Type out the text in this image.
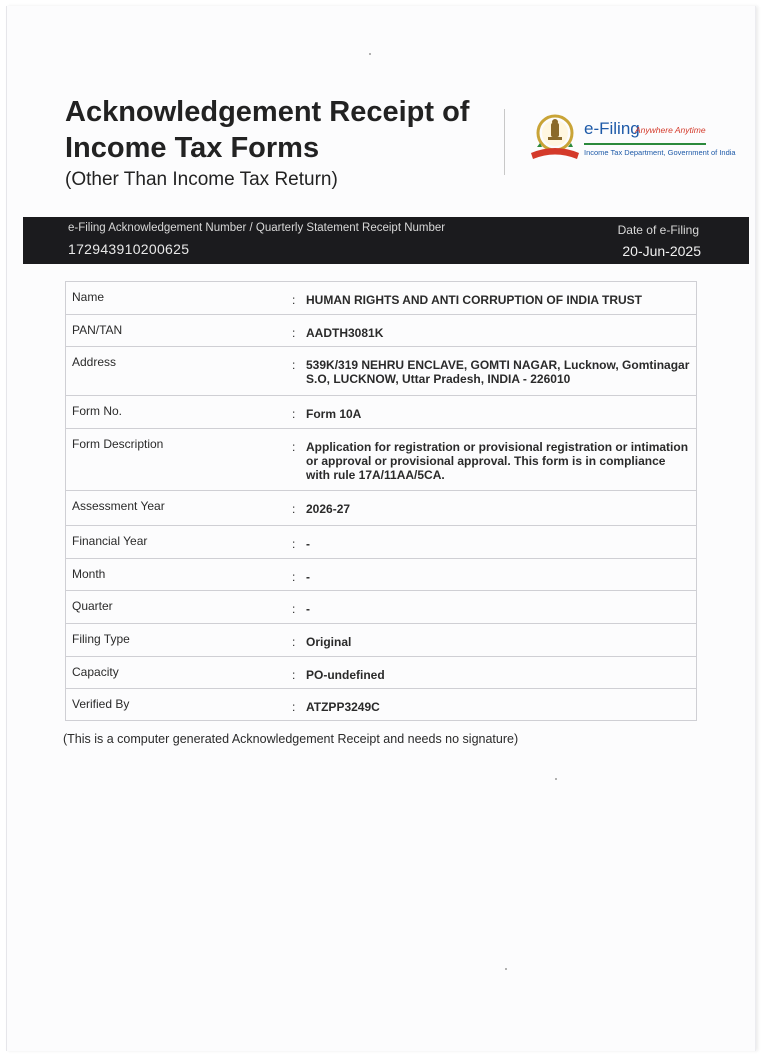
Acknowledgement Receipt of
Income Tax Forms
(Other Than Income Tax Return)
e-Filing
Anywhere Anytime
Income Tax Department, Government of India
e-Filing Acknowledgement Number / Quarterly Statement Receipt Number
172943910200625
Date of e-Filing
20-Jun-2025
Name	:	HUMAN RIGHTS AND ANTI CORRUPTION OF INDIA TRUST
PAN/TAN	:	AADTH3081K
Address	:	539K/319 NEHRU ENCLAVE, GOMTI NAGAR, Lucknow, Gomtinagar S.O, LUCKNOW, Uttar Pradesh, INDIA - 226010
Form No.	:	Form 10A
Form Description	:	Application for registration or provisional registration or intimation or approval or provisional approval. This form is in compliance with rule 17A/11AA/5CA.
Assessment Year	:	2026-27
Financial Year	:	-
Month	:	-
Quarter	:	-
Filing Type	:	Original
Capacity	:	PO-undefined
Verified By	:	ATZPP3249C
(This is a computer generated Acknowledgement Receipt and needs no signature)
